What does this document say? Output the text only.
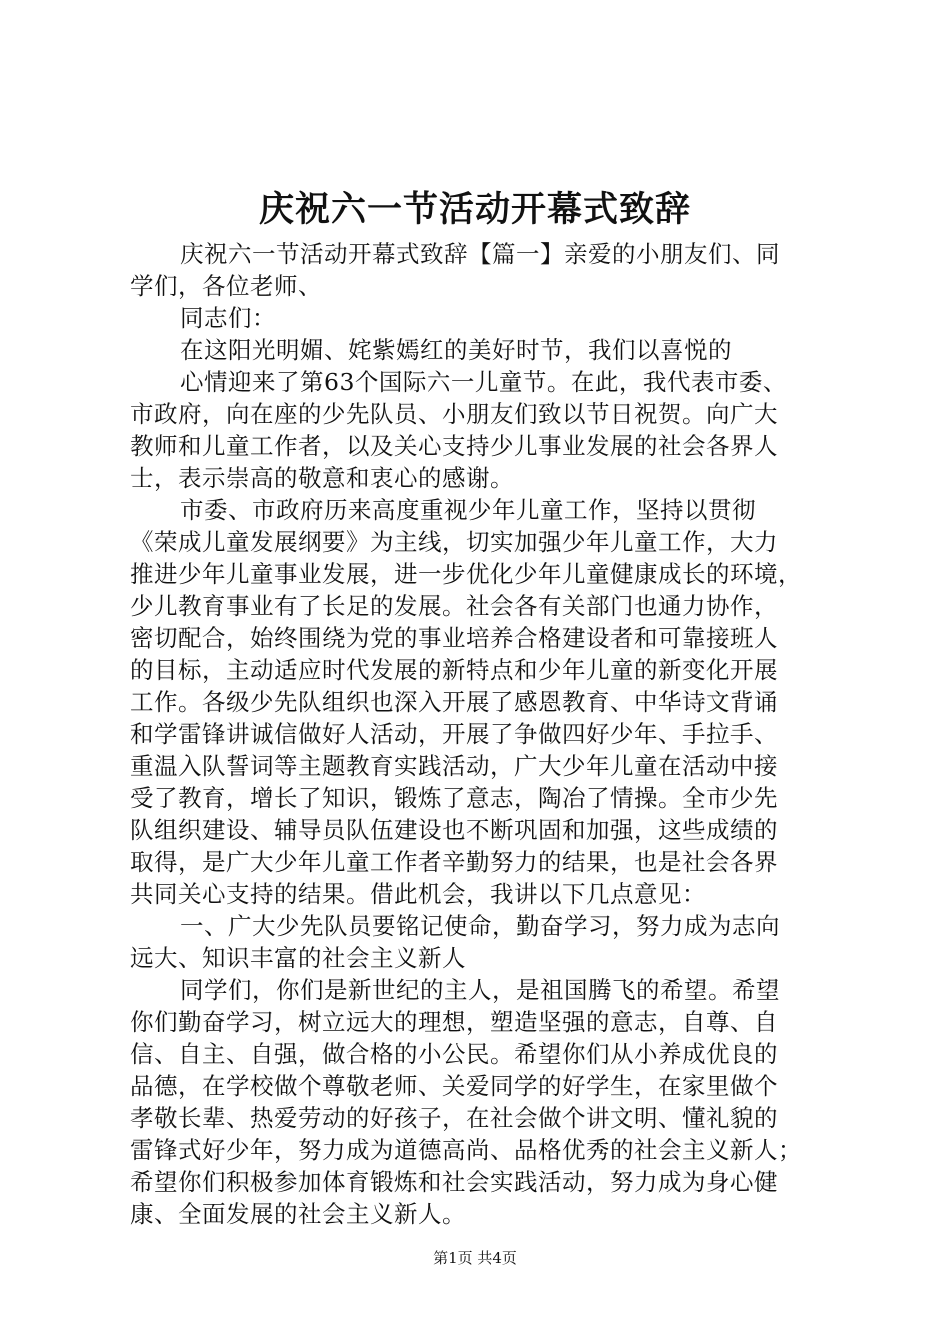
庆祝六一节活动开幕式致辞
庆祝六一节活动开幕式致辞【篇一】亲爱的小朋友们、同
学们，各位老师、
同志们：
在这阳光明媚、姹紫嫣红的美好时节，我们以喜悦的
心情迎来了第63个国际六一儿童节。在此，我代表市委、
市政府，向在座的少先队员、小朋友们致以节日祝贺。向广大
教师和儿童工作者，以及关心支持少儿事业发展的社会各界人
士，表示崇高的敬意和衷心的感谢。
市委、市政府历来高度重视少年儿童工作，坚持以贯彻
《荣成儿童发展纲要》为主线，切实加强少年儿童工作，大力
推进少年儿童事业发展，进一步优化少年儿童健康成长的环境，
少儿教育事业有了长足的发展。社会各有关部门也通力协作，
密切配合，始终围绕为党的事业培养合格建设者和可靠接班人
的目标，主动适应时代发展的新特点和少年儿童的新变化开展
工作。各级少先队组织也深入开展了感恩教育、中华诗文背诵
和学雷锋讲诚信做好人活动，开展了争做四好少年、手拉手、
重温入队誓词等主题教育实践活动，广大少年儿童在活动中接
受了教育，增长了知识，锻炼了意志，陶冶了情操。全市少先
队组织建设、辅导员队伍建设也不断巩固和加强，这些成绩的
取得，是广大少年儿童工作者辛勤努力的结果，也是社会各界
共同关心支持的结果。借此机会，我讲以下几点意见：
一、广大少先队员要铭记使命，勤奋学习，努力成为志向
远大、知识丰富的社会主义新人
同学们，你们是新世纪的主人，是祖国腾飞的希望。希望
你们勤奋学习，树立远大的理想，塑造坚强的意志，自尊、自
信、自主、自强，做合格的小公民。希望你们从小养成优良的
品德，在学校做个尊敬老师、关爱同学的好学生，在家里做个
孝敬长辈、热爱劳动的好孩子，在社会做个讲文明、懂礼貌的
雷锋式好少年，努力成为道德高尚、品格优秀的社会主义新人；
希望你们积极参加体育锻炼和社会实践活动，努力成为身心健
康、全面发展的社会主义新人。
第1页 共4页
